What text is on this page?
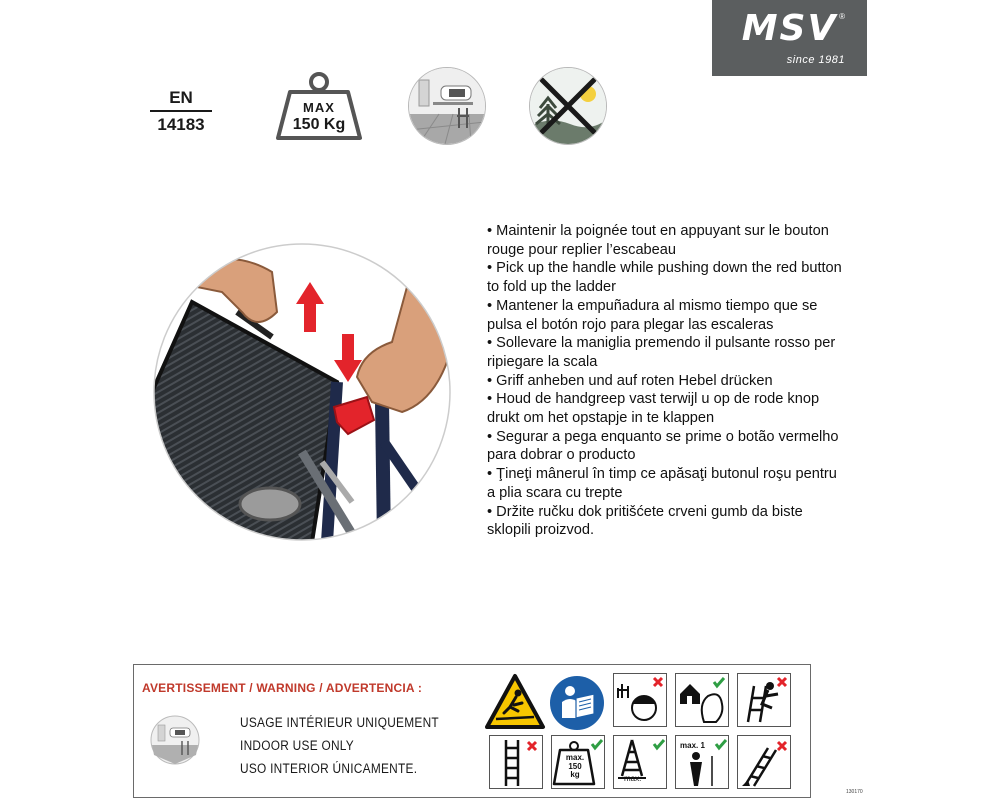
MSV ®
since 1981
EN
14183
MAX
150 Kg

• Maintenir la poignée tout en appuyant sur le bouton rouge pour replier l’escabeau

• Pick up the handle while pushing down the red button to fold up the ladder

• Mantener la empuñadura al mismo tiempo que se pulsa el botón rojo para plegar las escaleras

• Sollevare la maniglia premendo il pulsante rosso per ripiegare la scala

• Griff anheben und auf roten Hebel drücken

• Houd de handgreep vast terwijl u op de rode knop drukt om het opstapje in te klappen

• Segurar a pega enquanto se prime o botão vermelho para dobrar o producto

• Ţineţi mânerul în timp ce apăsaţi butonul roşu pentru a plia scara cu trepte

• Držite ručku dok pritišćete crveni gumb da biste sklopili proizvod.

AVERTISSEMENT / WARNING / ADVERTENCIA :
USAGE INTÉRIEUR UNIQUEMENT
INDOOR USE ONLY
USO INTERIOR ÚNICAMENTE.
max.
150
kg	max.
max. 1
130170
